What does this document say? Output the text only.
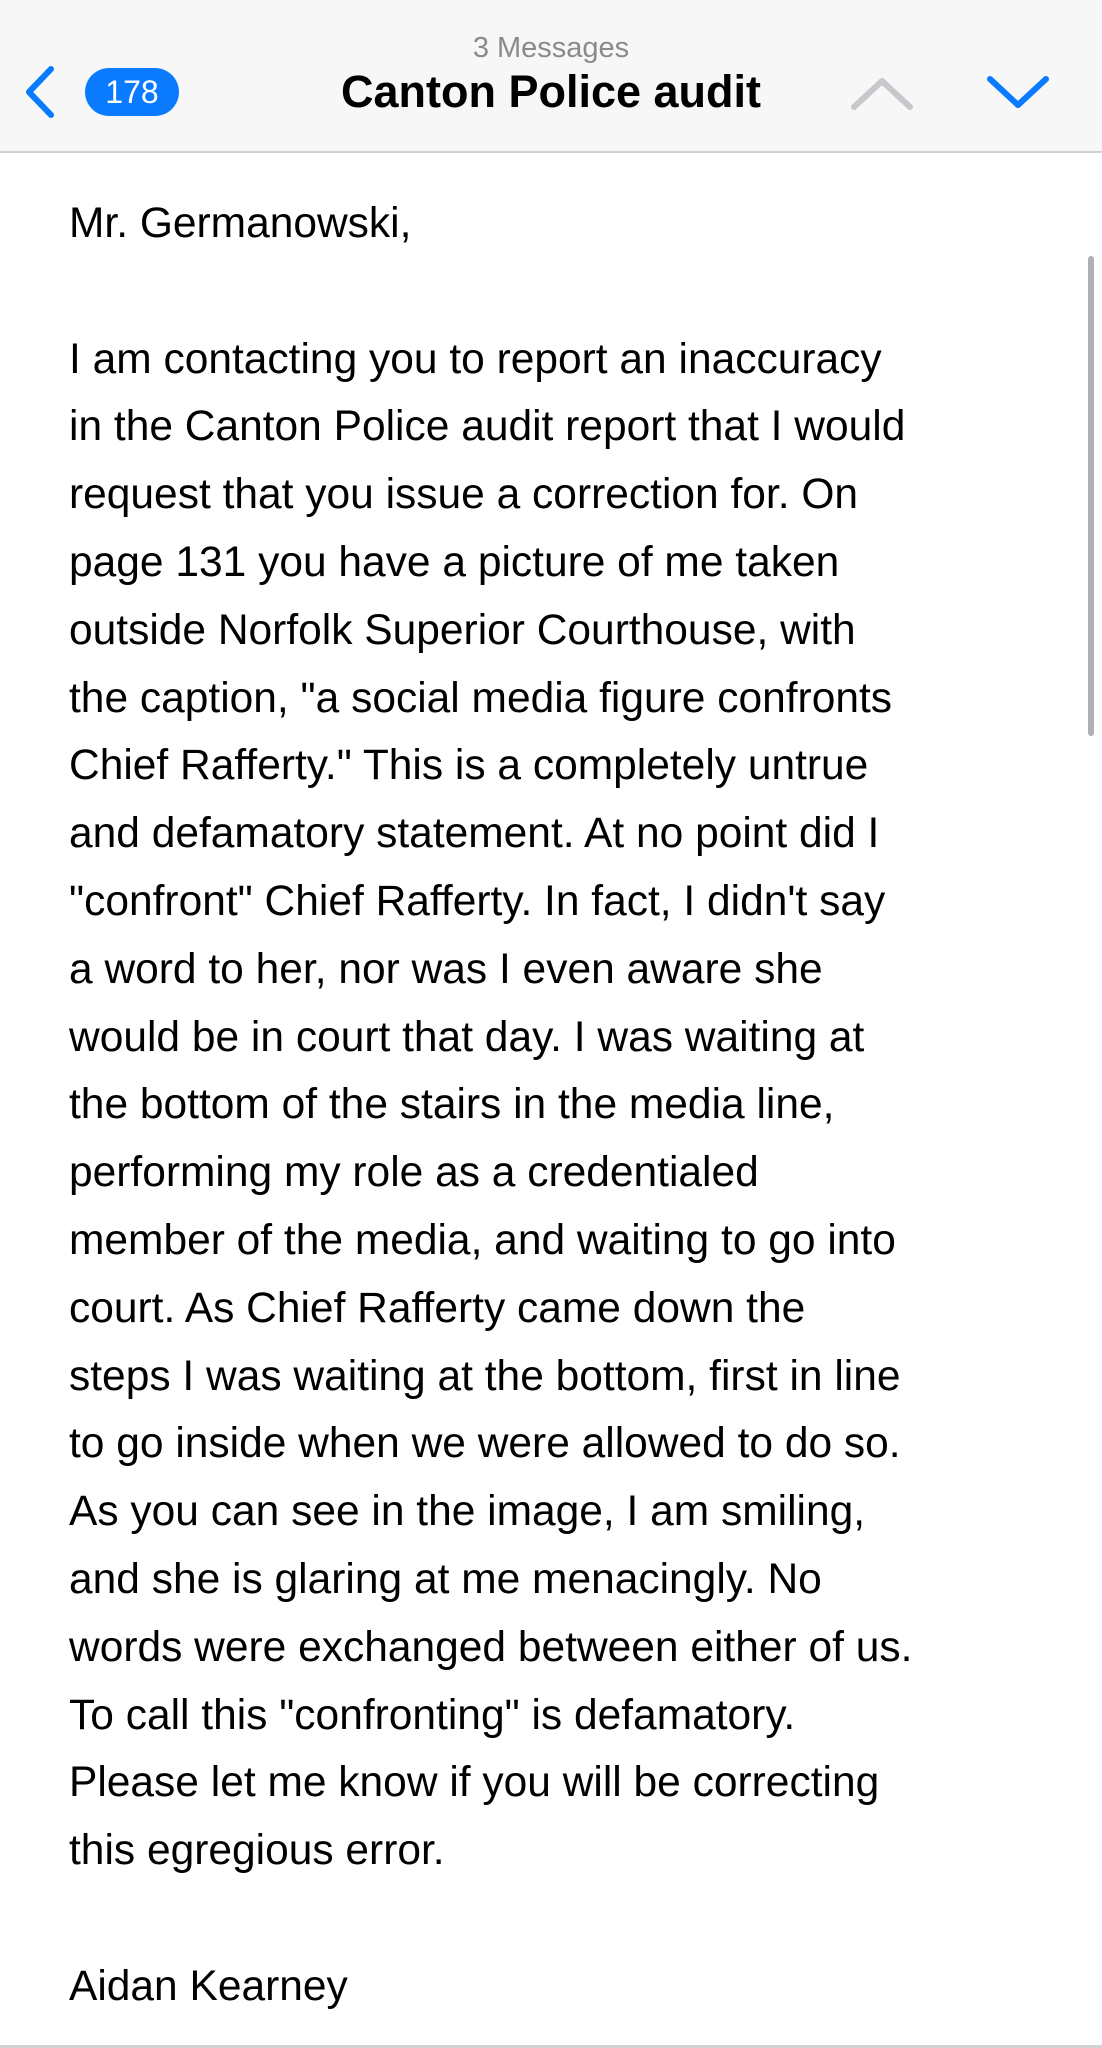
178
3 Messages
Canton Police audit

Mr. Germanowski,

I am contacting you to report an inaccuracy
in the Canton Police audit report that I would
request that you issue a correction for. On
page 131 you have a picture of me taken
outside Norfolk Superior Courthouse, with
the caption, "a social media figure confronts
Chief Rafferty." This is a completely untrue
and defamatory statement. At no point did I
"confront" Chief Rafferty. In fact, I didn't say
a word to her, nor was I even aware she
would be in court that day. I was waiting at
the bottom of the stairs in the media line,
performing my role as a credentialed
member of the media, and waiting to go into
court. As Chief Rafferty came down the
steps I was waiting at the bottom, first in line
to go inside when we were allowed to do so.
As you can see in the image, I am smiling,
and she is glaring at me menacingly. No
words were exchanged between either of us.
To call this "confronting" is defamatory.
Please let me know if you will be correcting
this egregious error.

Aidan Kearney
